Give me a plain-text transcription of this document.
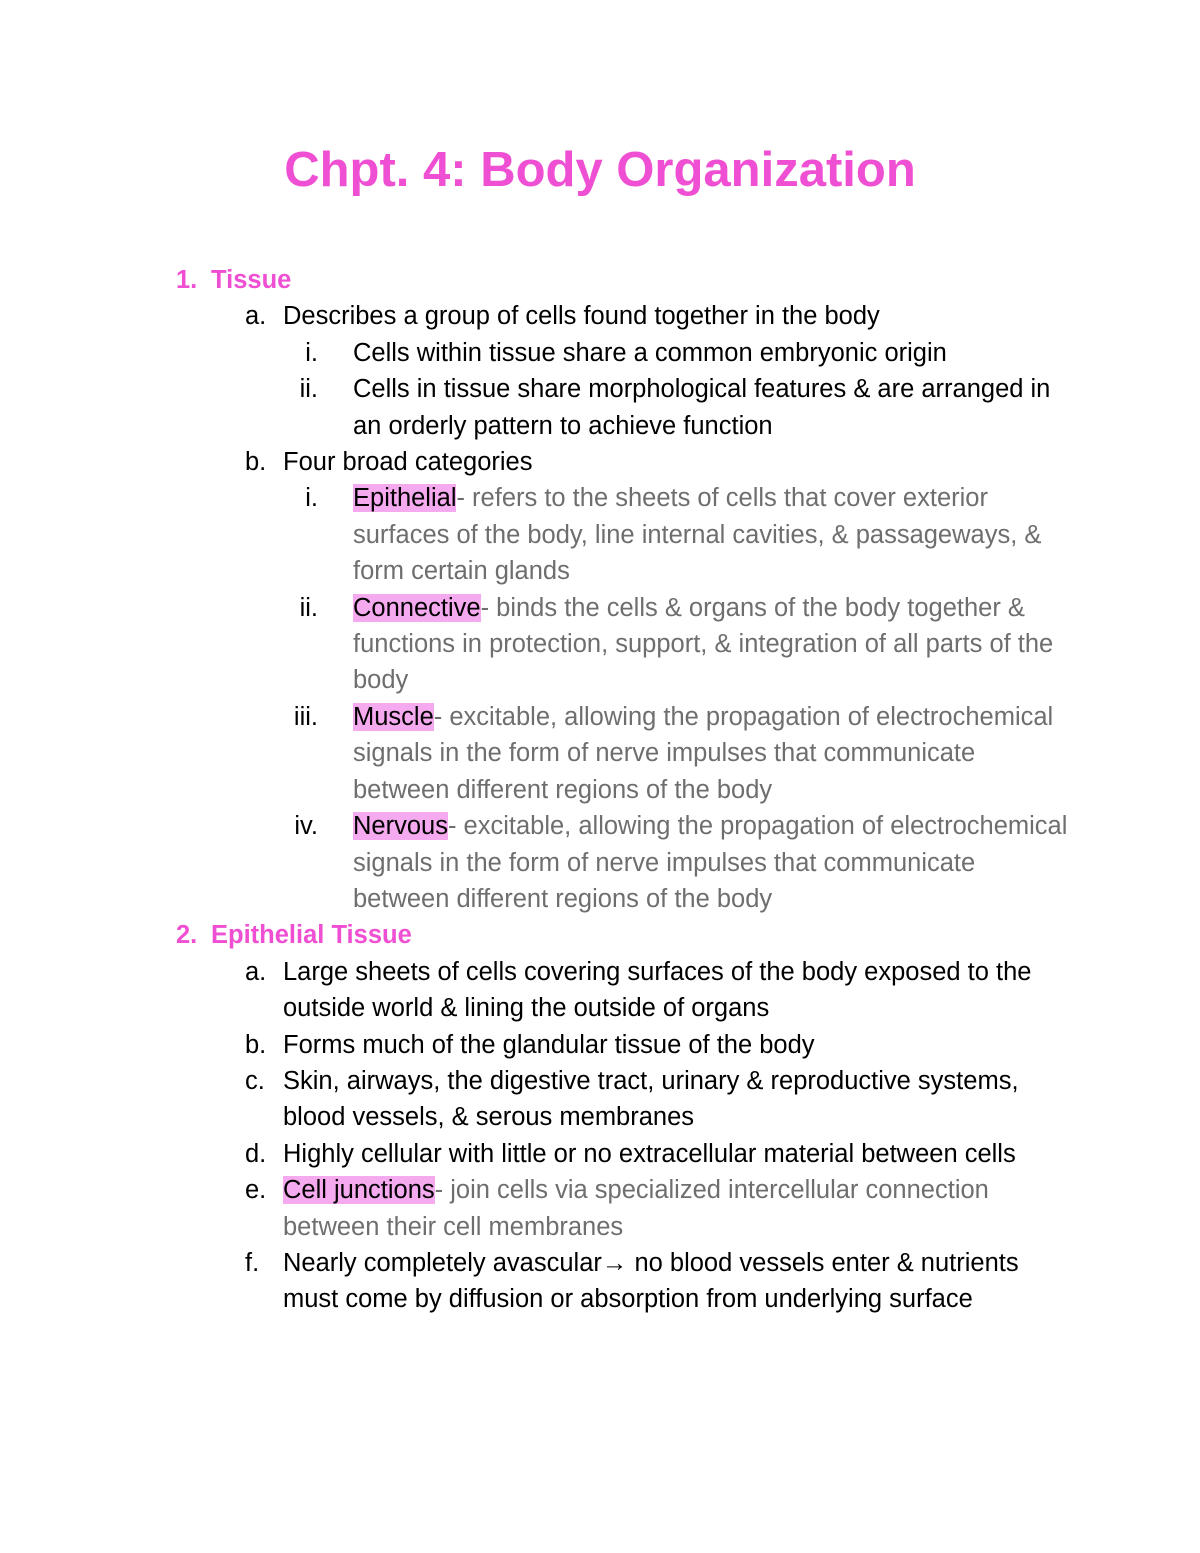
Chpt. 4: Body Organization
1. Tissue
a. Describes a group of cells found together in the body
i. Cells within tissue share a common embryonic origin
ii. Cells in tissue share morphological features & are arranged in an orderly pattern to achieve function
b. Four broad categories
i. Epithelial- refers to the sheets of cells that cover exterior surfaces of the body, line internal cavities, & passageways, & form certain glands
ii. Connective- binds the cells & organs of the body together & functions in protection, support, & integration of all parts of the body
iii. Muscle- excitable, allowing the propagation of electrochemical signals in the form of nerve impulses that communicate between different regions of the body
iv. Nervous- excitable, allowing the propagation of electrochemical signals in the form of nerve impulses that communicate between different regions of the body
2. Epithelial Tissue
a. Large sheets of cells covering surfaces of the body exposed to the outside world & lining the outside of organs
b. Forms much of the glandular tissue of the body
c. Skin, airways, the digestive tract, urinary & reproductive systems, blood vessels, & serous membranes
d. Highly cellular with little or no extracellular material between cells
e. Cell junctions- join cells via specialized intercellular connection between their cell membranes
f. Nearly completely avascular→ no blood vessels enter & nutrients must come by diffusion or absorption from underlying surface
